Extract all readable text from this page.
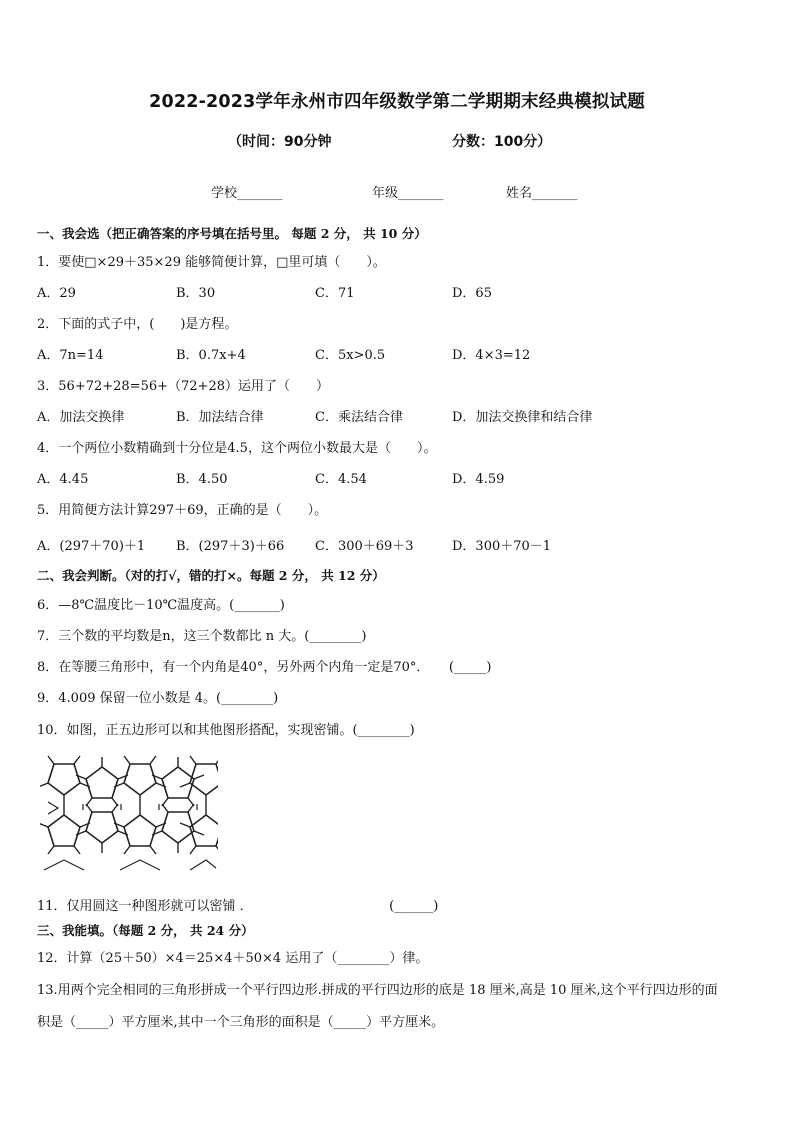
2022-2023学年永州市四年级数学第二学期期末经典模拟试题
（时间：90分钟	分数：100分）
学校_______	年级_______	姓名_______
一、我会选（把正确答案的序号填在括号里。 每题 2 分， 共 10 分）
1．要使□×29＋35×29 能够简便计算，□里可填（　　）。
A．29	B．30	C．71	D．65
2．下面的式子中，(　　)是方程。
A．7n=14	B．0.7x+4	C．5x>0.5	D．4×3=12
3．56+72+28=56+（72+28）运用了（　　）
A．加法交换律	B．加法结合律	C．乘法结合律	D．加法交换律和结合律
4．一个两位小数精确到十分位是4.5，这个两位小数最大是（　　）。
A．4.45	B．4.50	C．4.54	D．4.59
5．用简便方法计算297＋69，正确的是（　　）。
A．(297＋70)＋1 B．(297＋3)＋66 C．300＋69＋3	D．300＋70－1
二、我会判断。（对的打√，错的打×。每题 2 分， 共 12 分）
6．—8℃温度比－10℃温度高。(_______)
7．三个数的平均数是n，这三个数都比 n 大。(________)
8．在等腰三角形中，有一个内角是40°，另外两个内角一定是70°．　　(_____)
9．4.009 保留一位小数是 4。(________)
10．如图，正五边形可以和其他图形搭配，实现密铺。(________)
11．仅用圆这一种图形就可以密铺 ．　　　　　　　　　　　(______)
三、我能填。（每题 2 分， 共 24 分）
12．计算（25＋50）×4＝25×4＋50×4 运用了（________）律。
13.用两个完全相同的三角形拼成一个平行四边形.拼成的平行四边形的底是 18 厘米,高是 10 厘米,这个平行四边形的面
积是（_____）平方厘米,其中一个三角形的面积是（_____）平方厘米。
